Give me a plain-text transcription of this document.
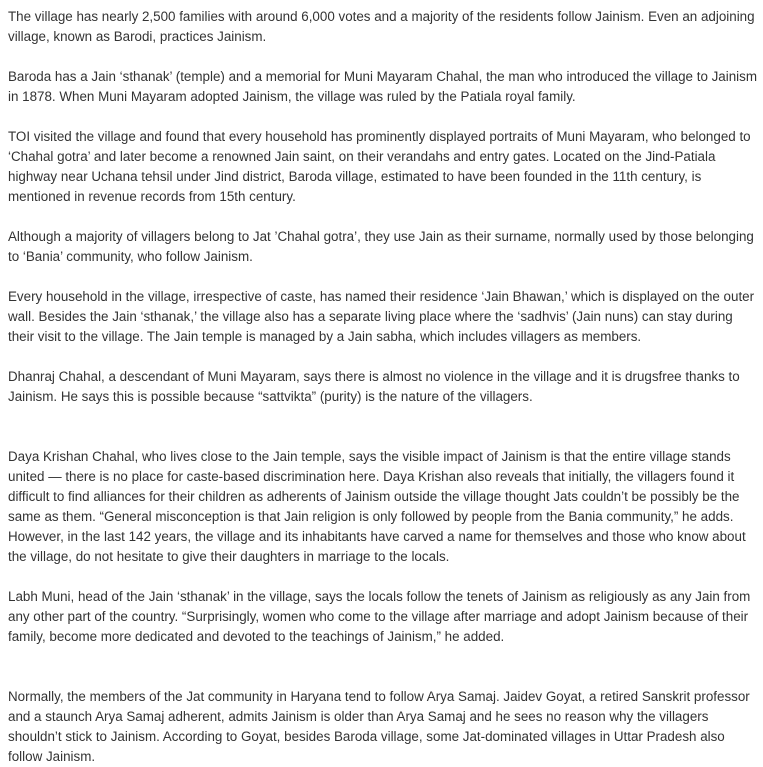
The village has nearly 2,500 families with around 6,000 votes and a majority of the residents follow Jainism. Even an adjoining village, known as Barodi, practices Jainism.

Baroda has a Jain ‘sthanak’ (temple) and a memorial for Muni Mayaram Chahal, the man who introduced the village to Jainism in 1878. When Muni Mayaram adopted Jainism, the village was ruled by the Patiala royal family.

TOI visited the village and found that every household has prominently displayed portraits of Muni Mayaram, who belonged to ‘Chahal gotra’ and later become a renowned Jain saint, on their verandahs and entry gates. Located on the Jind-Patiala highway near Uchana tehsil under Jind district, Baroda village, estimated to have been founded in the 11th century, is mentioned in revenue records from 15th century.

Although a majority of villagers belong to Jat ’Chahal gotra’, they use Jain as their surname, normally used by those belonging to ‘Bania’ community, who follow Jainism.

Every household in the village, irrespective of caste, has named their residence ‘Jain Bhawan,’ which is displayed on the outer wall. Besides the Jain ‘sthanak,’ the village also has a separate living place where the ‘sadhvis’ (Jain nuns) can stay during their visit to the village. The Jain temple is managed by a Jain sabha, which includes villagers as members.

Dhanraj Chahal, a descendant of Muni Mayaram, says there is almost no violence in the village and it is drugsfree thanks to Jainism. He says this is possible because “sattvikta” (purity) is the nature of the villagers.

Daya Krishan Chahal, who lives close to the Jain temple, says the visible impact of Jainism is that the entire village stands united — there is no place for caste-based discrimination here. Daya Krishan also reveals that initially, the villagers found it difficult to find alliances for their children as adherents of Jainism outside the village thought Jats couldn’t be possibly be the same as them. “General misconception is that Jain religion is only followed by people from the Bania community,” he adds. However, in the last 142 years, the village and its inhabitants have carved a name for themselves and those who know about the village, do not hesitate to give their daughters in marriage to the locals.

Labh Muni, head of the Jain ‘sthanak’ in the village, says the locals follow the tenets of Jainism as religiously as any Jain from any other part of the country. “Surprisingly, women who come to the village after marriage and adopt Jainism because of their family, become more dedicated and devoted to the teachings of Jainism,” he added.

Normally, the members of the Jat community in Haryana tend to follow Arya Samaj. Jaidev Goyat, a retired Sanskrit professor and a staunch Arya Samaj adherent, admits Jainism is older than Arya Samaj and he sees no reason why the villagers shouldn’t stick to Jainism. According to Goyat, besides Baroda village, some Jat-dominated villages in Uttar Pradesh also follow Jainism.
